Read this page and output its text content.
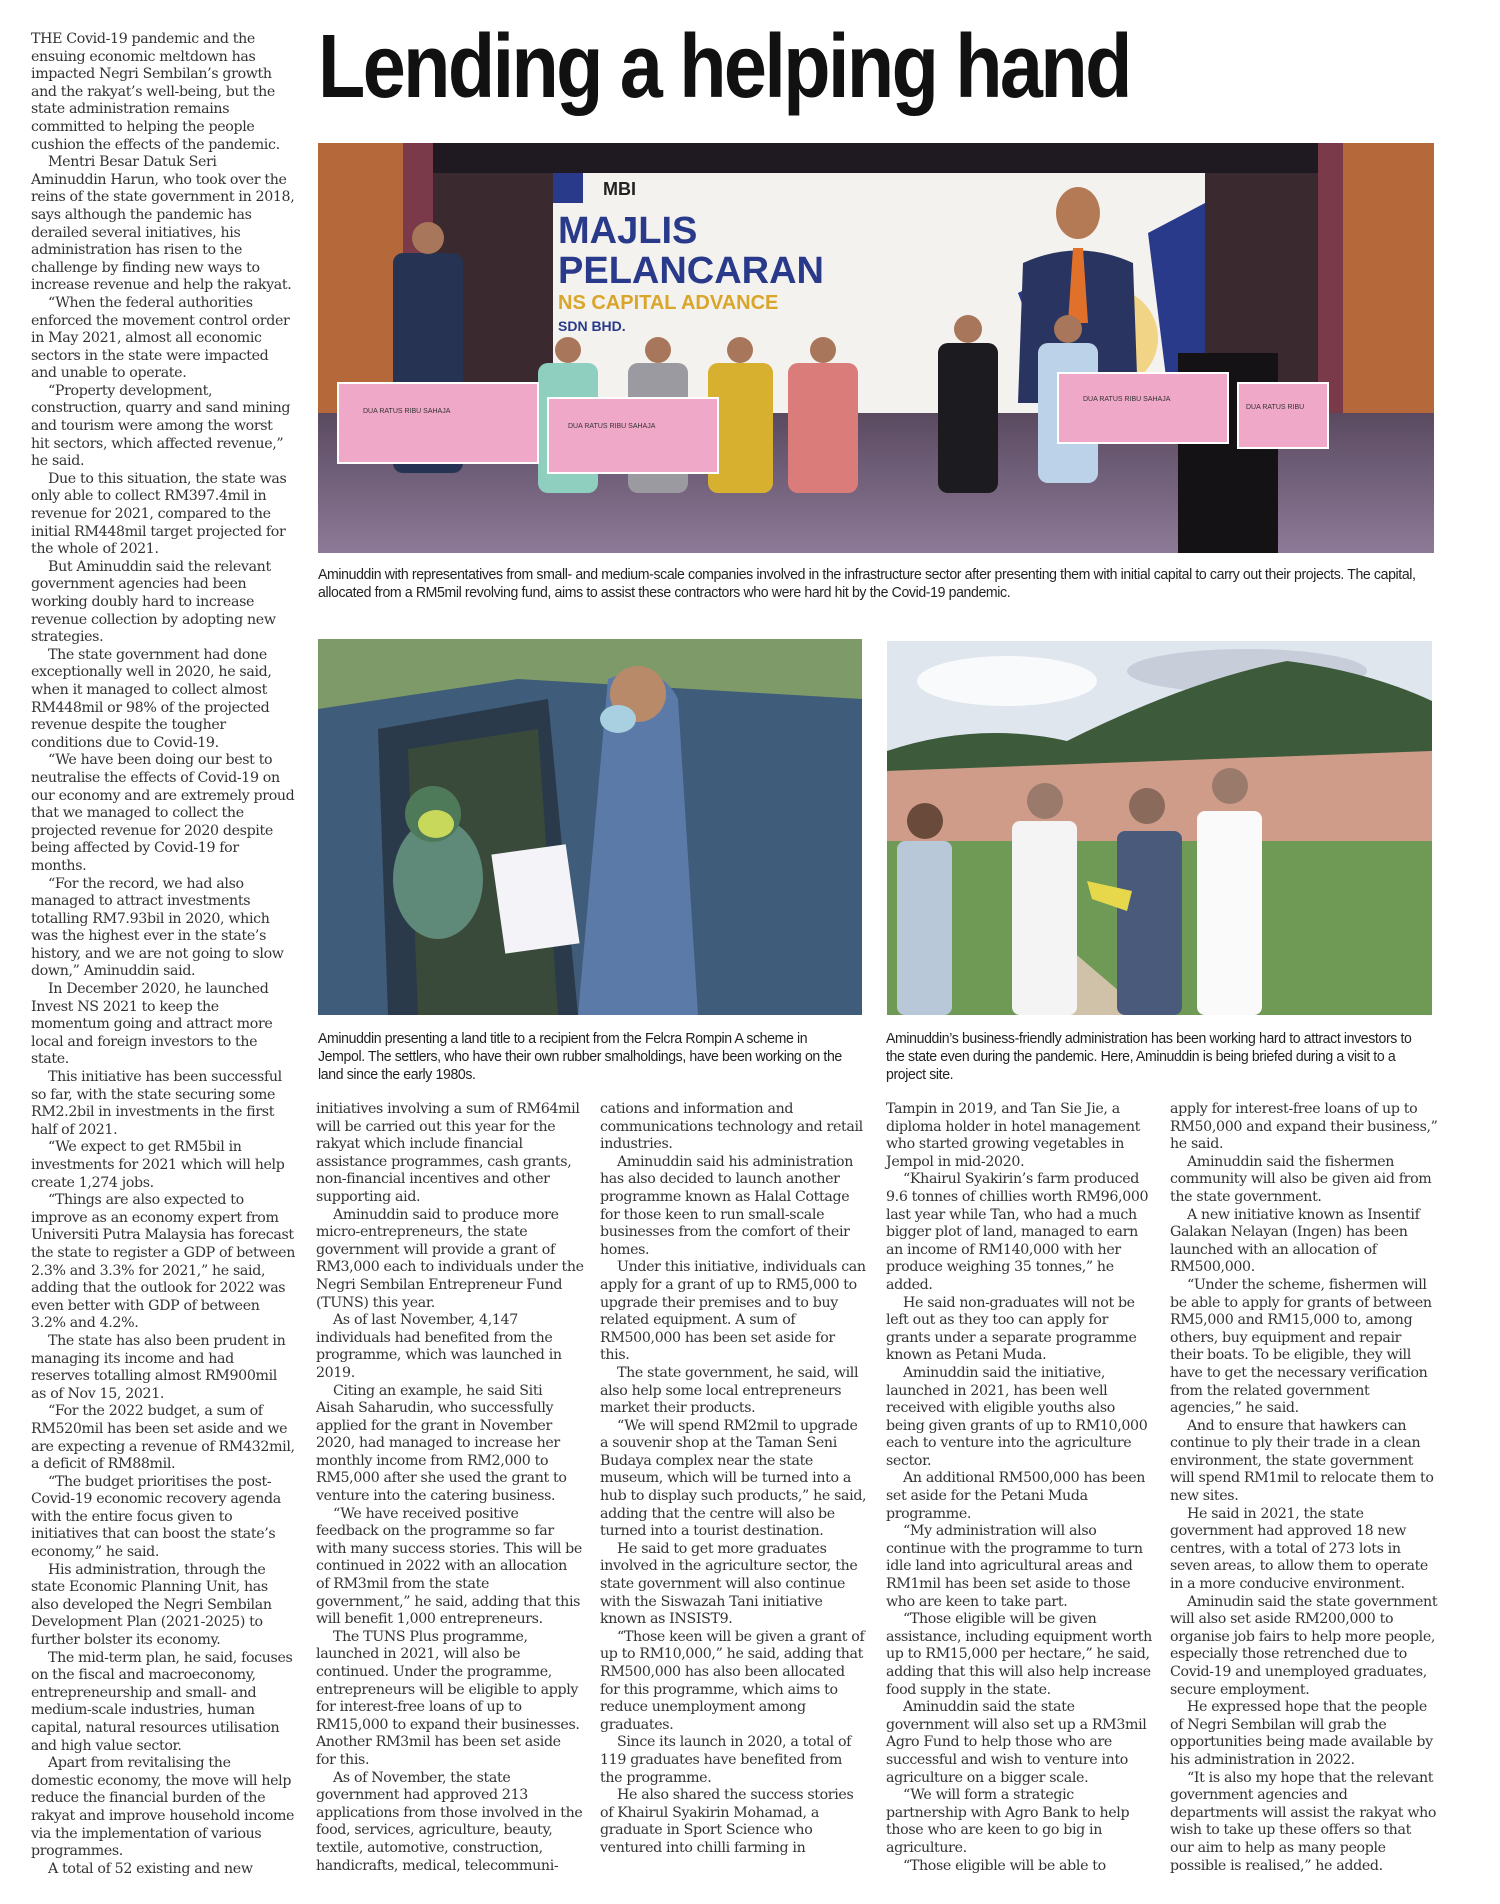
Lending a helping hand

THE Covid-19 pandemic and the ensuing economic meltdown has impacted Negri Sembilan’s growth and the rakyat’s well-being, but the state administration remains committed to helping the people cushion the effects of the pandemic.

Mentri Besar Datuk Seri Aminuddin Harun, who took over the reins of the state government in 2018, says although the pandemic has derailed several initiatives, his administration has risen to the challenge by finding new ways to increase revenue and help the rakyat.

“When the federal authorities enforced the movement control order in May 2021, almost all economic sectors in the state were impacted and unable to operate.

“Property development, construction, quarry and sand mining and tourism were among the worst hit sectors, which affected revenue,” he said.

Due to this situation, the state was only able to collect RM397.4mil in revenue for 2021, compared to the initial RM448mil target projected for the whole of 2021.

But Aminuddin said the relevant government agencies had been working doubly hard to increase revenue collection by adopting new strategies.

The state government had done exceptionally well in 2020, he said, when it managed to collect almost RM448mil or 98% of the projected revenue despite the tougher conditions due to Covid-19.

“We have been doing our best to neutralise the effects of Covid-19 on our economy and are extremely proud that we managed to collect the projected revenue for 2020 despite being affected by Covid-19 for months.

“For the record, we had also managed to attract investments totalling RM7.93bil in 2020, which was the highest ever in the state’s history, and we are not going to slow down,” Aminuddin said.

In December 2020, he launched Invest NS 2021 to keep the momentum going and attract more local and foreign investors to the state.

This initiative has been successful so far, with the state securing some RM2.2bil in investments in the first half of 2021.

“We expect to get RM5bil in investments for 2021 which will help create 1,274 jobs.

“Things are also expected to improve as an economy expert from Universiti Putra Malaysia has forecast the state to register a GDP of between 2.3% and 3.3% for 2021,” he said, adding that the outlook for 2022 was even better with GDP of between 3.2% and 4.2%.

The state has also been prudent in managing its income and had reserves totalling almost RM900mil as of Nov 15, 2021.

“For the 2022 budget, a sum of RM520mil has been set aside and we are expecting a revenue of RM432mil, a deficit of RM88mil.

“The budget prioritises the post-Covid-19 economic recovery agenda with the entire focus given to initiatives that can boost the state’s economy,” he said.

His administration, through the state Economic Planning Unit, has also developed the Negri Sembilan Development Plan (2021-2025) to further bolster its economy.

The mid-term plan, he said, focuses on the fiscal and macroeconomy, entrepreneurship and small- and medium-scale industries, human capital, natural resources utilisation and high value sector.

Apart from revitalising the domestic economy, the move will help reduce the financial burden of the rakyat and improve household income via the implementation of various programmes.

A total of 52 existing and new

DUA RATUS RIBU SAHAJA
DUA RATUS RIBU SAHAJA
DUA RATUS RIBU SAHAJA
DUA RATUS RIBU
MBI
MAJLIS
PELANCARAN
NS CAPITAL ADVANCE
SDN BHD.
Aminuddin with representatives from small- and medium-scale companies involved in the infrastructure sector after presenting them with initial capital to carry out their projects. The capital, allocated from a RM5mil revolving fund, aims to assist these contractors who were hard hit by the Covid-19 pandemic.
Aminuddin presenting a land title to a recipient from the Felcra Rompin A scheme in Jempol. The settlers, who have their own rubber smalholdings, have been working on the land since the early 1980s.
Aminuddin’s business-friendly administration has been working hard to attract investors to the state even during the pandemic. Here, Aminuddin is being briefed during a visit to a project site.

initiatives involving a sum of RM64mil will be carried out this year for the rakyat which include financial assistance programmes, cash grants, non-financial incentives and other supporting aid.

Aminuddin said to produce more micro-entrepreneurs, the state government will provide a grant of RM3,000 each to individuals under the Negri Sembilan Entrepreneur Fund (TUNS) this year.

As of last November, 4,147 individuals had benefited from the programme, which was launched in 2019.

Citing an example, he said Siti Aisah Saharudin, who successfully applied for the grant in November 2020, had managed to increase her monthly income from RM2,000 to RM5,000 after she used the grant to venture into the catering business.

“We have received positive feedback on the programme so far with many success stories. This will be continued in 2022 with an allocation of RM3mil from the state government,” he said, adding that this will benefit 1,000 entrepreneurs.

The TUNS Plus programme, launched in 2021, will also be continued. Under the programme, entrepreneurs will be eligible to apply for interest-free loans of up to RM15,000 to expand their businesses. Another RM3mil has been set aside for this.

As of November, the state government had approved 213 applications from those involved in the food, services, agriculture, beauty, textile, automotive, construction, handicrafts, medical, telecommuni-

cations and information and communications technology and retail industries.

Aminuddin said his administration has also decided to launch another programme known as Halal Cottage for those keen to run small-scale businesses from the comfort of their homes.

Under this initiative, individuals can apply for a grant of up to RM5,000 to upgrade their premises and to buy related equipment. A sum of RM500,000 has been set aside for this.

The state government, he said, will also help some local entrepreneurs market their products.

“We will spend RM2mil to upgrade a souvenir shop at the Taman Seni Budaya complex near the state museum, which will be turned into a hub to display such products,” he said, adding that the centre will also be turned into a tourist destination.

He said to get more graduates involved in the agriculture sector, the state government will also continue with the Siswazah Tani initiative known as INSIST9.

“Those keen will be given a grant of up to RM10,000,” he said, adding that RM500,000 has also been allocated for this programme, which aims to reduce unemployment among graduates.

Since its launch in 2020, a total of 119 graduates have benefited from the programme.

He also shared the success stories of Khairul Syakirin Mohamad, a graduate in Sport Science who ventured into chilli farming in

Tampin in 2019, and Tan Sie Jie, a diploma holder in hotel management who started growing vegetables in Jempol in mid-2020.

“Khairul Syakirin’s farm produced 9.6 tonnes of chillies worth RM96,000 last year while Tan, who had a much bigger plot of land, managed to earn an income of RM140,000 with her produce weighing 35 tonnes,” he added.

He said non-graduates will not be left out as they too can apply for grants under a separate programme known as Petani Muda.

Aminuddin said the initiative, launched in 2021, has been well received with eligible youths also being given grants of up to RM10,000 each to venture into the agriculture sector.

An additional RM500,000 has been set aside for the Petani Muda programme.

“My administration will also continue with the programme to turn idle land into agricultural areas and RM1mil has been set aside to those who are keen to take part.

“Those eligible will be given assistance, including equipment worth up to RM15,000 per hectare,” he said, adding that this will also help increase food supply in the state.

Aminuddin said the state government will also set up a RM3mil Agro Fund to help those who are successful and wish to venture into agriculture on a bigger scale.

“We will form a strategic partnership with Agro Bank to help those who are keen to go big in agriculture.

“Those eligible will be able to

apply for interest-free loans of up to RM50,000 and expand their business,” he said.

Aminuddin said the fishermen community will also be given aid from the state government.

A new initiative known as Insentif Galakan Nelayan (Ingen) has been launched with an allocation of RM500,000.

“Under the scheme, fishermen will be able to apply for grants of between RM5,000 and RM15,000 to, among others, buy equipment and repair their boats. To be eligible, they will have to get the necessary verification from the related government agencies,” he said.

And to ensure that hawkers can continue to ply their trade in a clean environment, the state government will spend RM1mil to relocate them to new sites.

He said in 2021, the state government had approved 18 new centres, with a total of 273 lots in seven areas, to allow them to operate in a more conducive environment.

Aminudin said the state government will also set aside RM200,000 to organise job fairs to help more people, especially those retrenched due to Covid-19 and unemployed graduates, secure employment.

He expressed hope that the people of Negri Sembilan will grab the opportunities being made available by his administration in 2022.

“It is also my hope that the relevant government agencies and departments will assist the rakyat who wish to take up these offers so that our aim to help as many people possible is realised,” he added.
